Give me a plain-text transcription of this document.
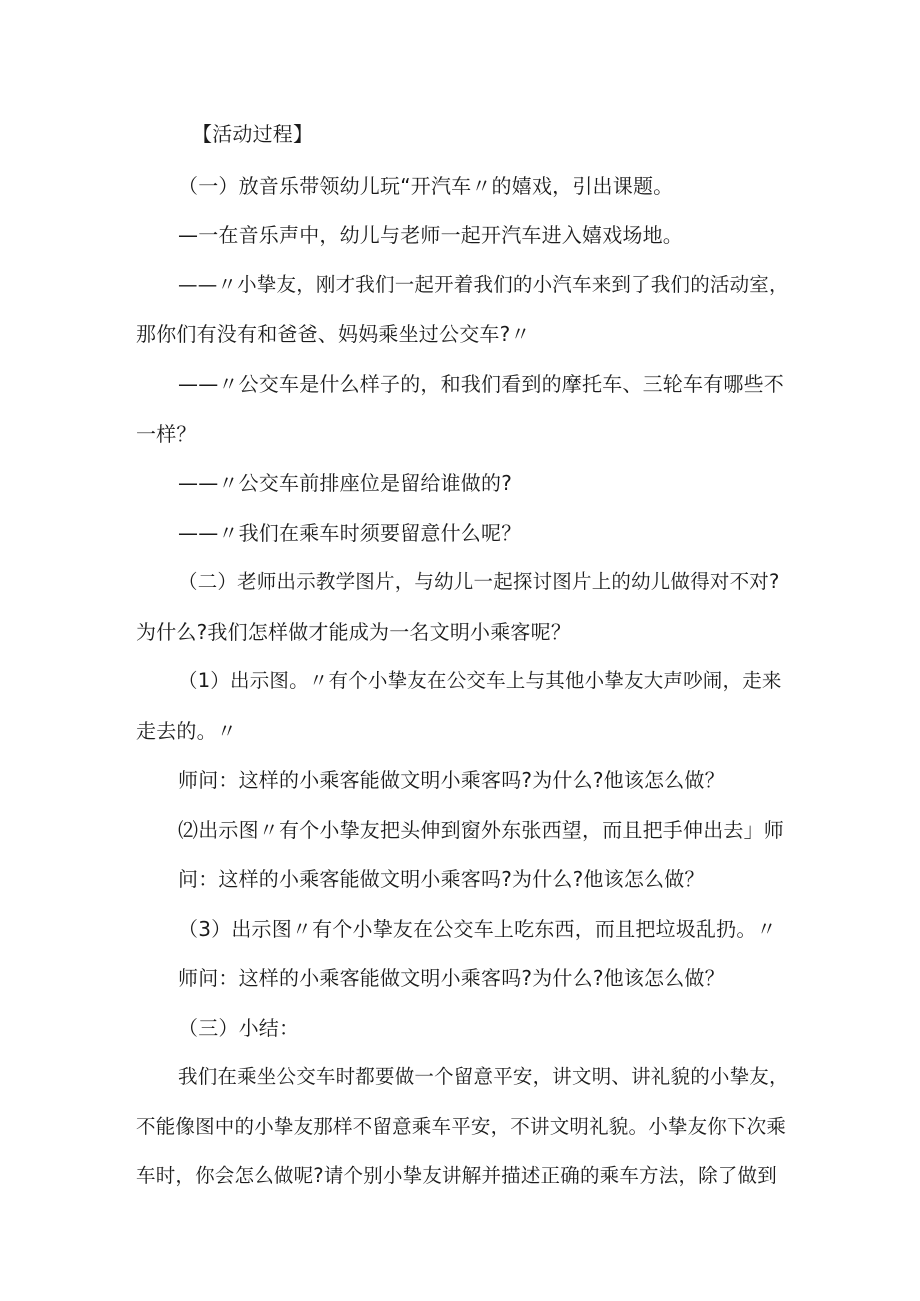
【活动过程】
（一）放音乐带领幼儿玩“开汽车〃的嬉戏，引出课题。
—一在音乐声中，幼儿与老师一起开汽车进入嬉戏场地。
——〃小挚友，刚才我们一起开着我们的小汽车来到了我们的活动室，
那你们有没有和爸爸、妈妈乘坐过公交车?〃
——〃公交车是什么样子的，和我们看到的摩托车、三轮车有哪些不
一样？
——〃公交车前排座位是留给谁做的?
——〃我们在乘车时须要留意什么呢？
（二）老师出示教学图片，与幼儿一起探讨图片上的幼儿做得对不对?
为什么?我们怎样做才能成为一名文明小乘客呢？
（1）出示图。〃有个小挚友在公交车上与其他小挚友大声吵闹，走来
走去的。〃
师问：这样的小乘客能做文明小乘客吗?为什么?他该怎么做？
⑵出示图〃有个小挚友把头伸到窗外东张西望，而且把手伸出去」师
问：这样的小乘客能做文明小乘客吗?为什么?他该怎么做？
（3）出示图〃有个小挚友在公交车上吃东西，而且把垃圾乱扔。〃
师问：这样的小乘客能做文明小乘客吗?为什么?他该怎么做？
（三）小结：
我们在乘坐公交车时都要做一个留意平安，讲文明、讲礼貌的小挚友，
不能像图中的小挚友那样不留意乘车平安，不讲文明礼貌。小挚友你下次乘
车时，你会怎么做呢?请个别小挚友讲解并描述正确的乘车方法，除了做到
